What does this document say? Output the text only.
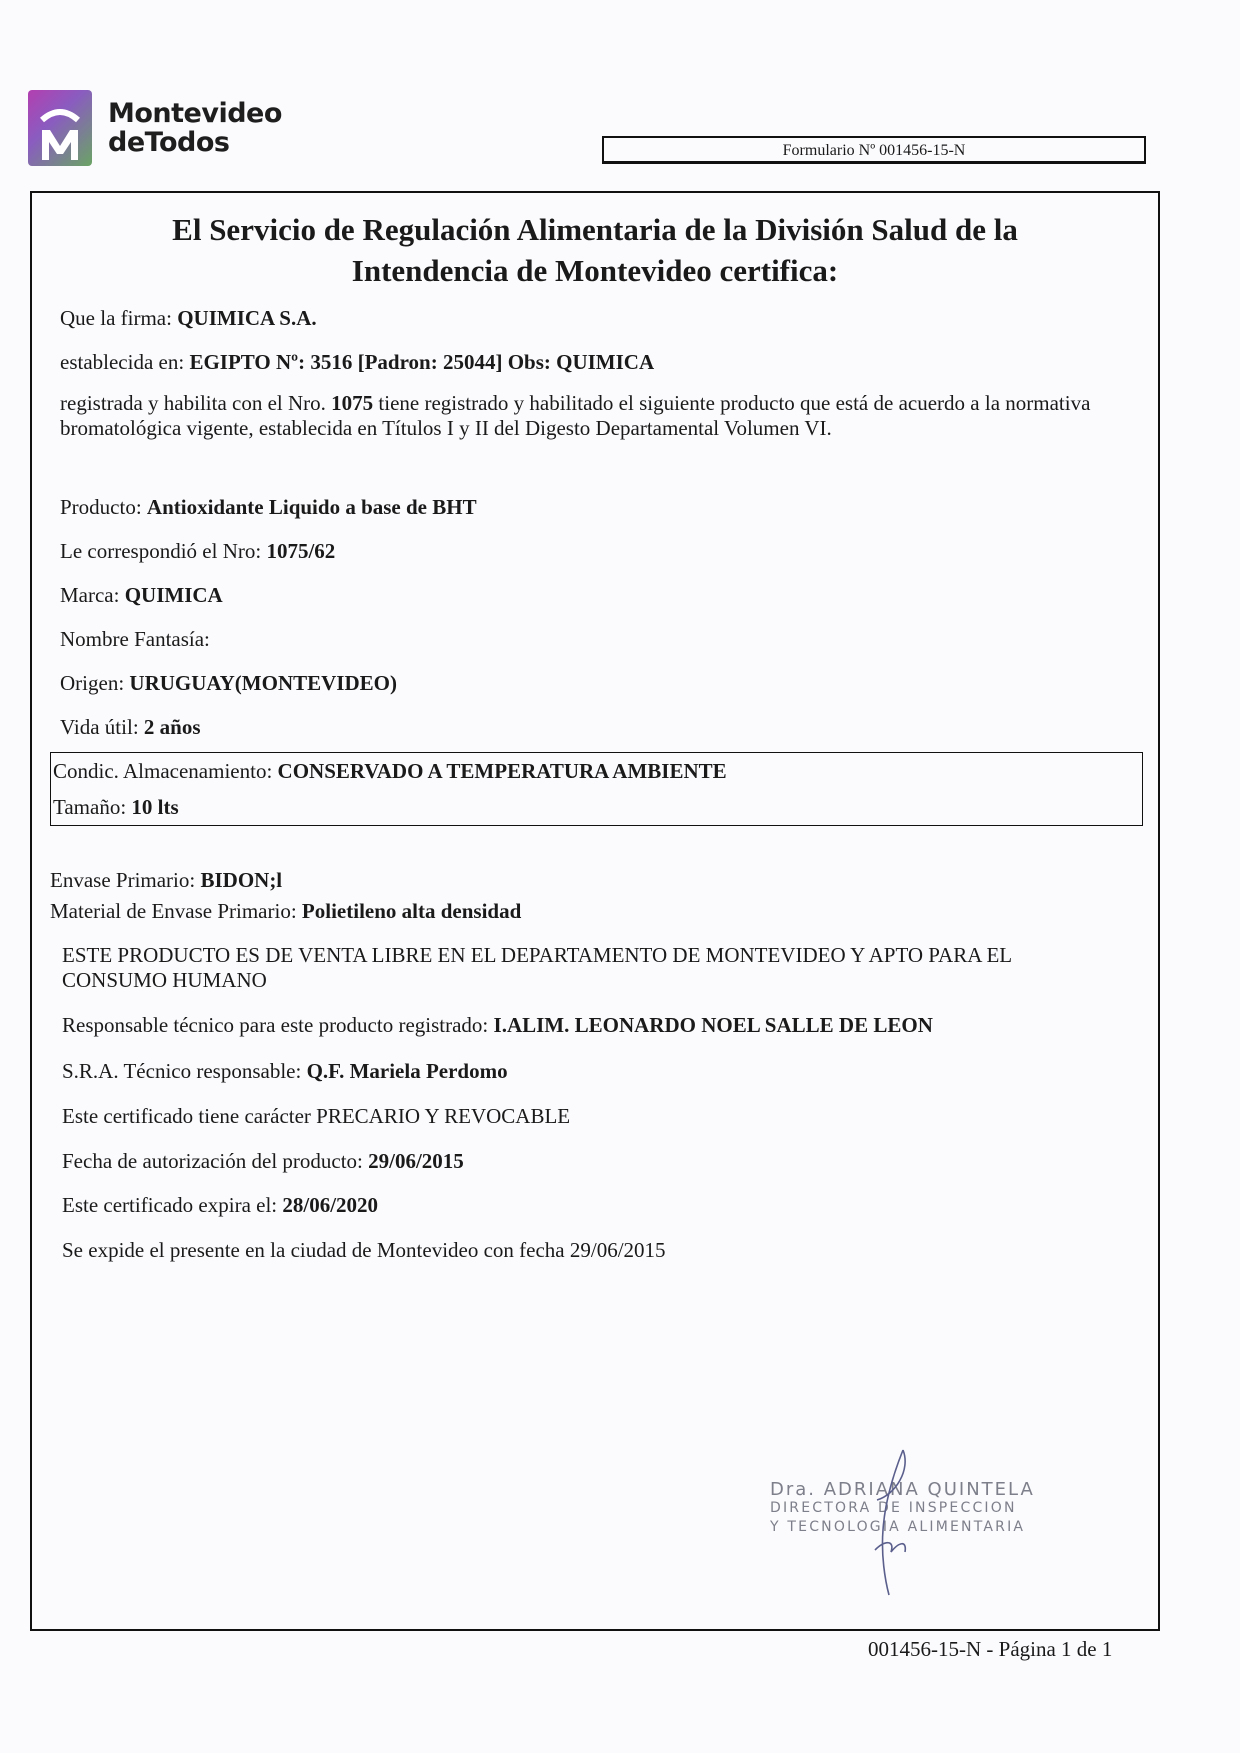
Montevideo
deTodos	Formulario Nº 001456-15-N
El Servicio de Regulación Alimentaria de la División Salud de la
Intendencia de Montevideo certifica:
Que la firma: QUIMICA S.A.
establecida en: EGIPTO Nº: 3516 [Padron: 25044] Obs: QUIMICA
registrada y habilita con el Nro. 1075 tiene registrado y habilitado el siguiente producto que está de acuerdo a la normativa bromatológica vigente, establecida en Títulos I y II del Digesto Departamental Volumen VI.
Producto: Antioxidante Liquido a base de BHT
Le correspondió el Nro: 1075/62
Marca: QUIMICA
Nombre Fantasía:
Origen: URUGUAY(MONTEVIDEO)
Vida útil: 2 años
Condic. Almacenamiento: CONSERVADO A TEMPERATURA AMBIENTE
Tamaño: 10 lts
Envase Primario: BIDON;l
Material de Envase Primario: Polietileno alta densidad
ESTE PRODUCTO ES DE VENTA LIBRE EN EL DEPARTAMENTO DE MONTEVIDEO Y APTO PARA EL CONSUMO HUMANO
Responsable técnico para este producto registrado: I.ALIM. LEONARDO NOEL SALLE DE LEON
S.R.A. Técnico responsable: Q.F. Mariela Perdomo
Este certificado tiene carácter PRECARIO Y REVOCABLE
Fecha de autorización del producto: 29/06/2015
Este certificado expira el: 28/06/2020
Se expide el presente en la ciudad de Montevideo con fecha 29/06/2015
Dra. ADRIANA QUINTELA
DIRECTORA DE INSPECCION
Y TECNOLOGIA ALIMENTARIA
001456-15-N - Página 1 de 1
